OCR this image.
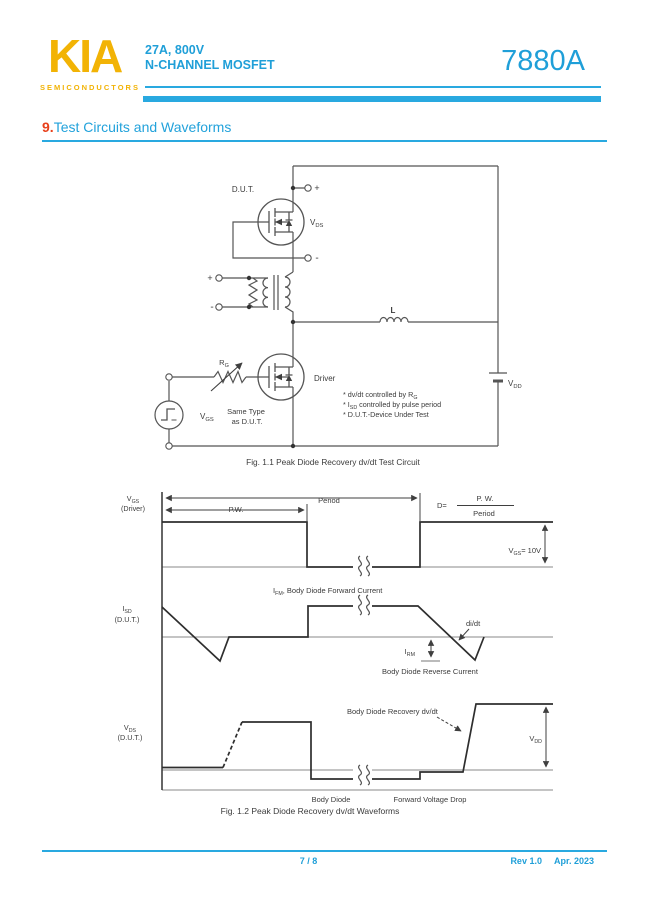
KIA
SEMICONDUCTORS
27A, 800V
N-CHANNEL MOSFET	7880A
9.Test Circuits and Waveforms
D.U.T.	+
-
$V_{DS}$
+
-	L
$R_G$
Driver
Same Type
as D.U.T.
$V_{GS}$
$V_{DD}$
* dv/dt controlled by $R_G$
* $I_{SD}$ controlled by pulse period
* D.U.T.-Device Under Test
Fig. 1.1 Peak Diode Recovery dv/dt Test Circuit
$V_{GS}$
(Driver)	P.W.
Period
D=
P. W.
Period
$V_{GS}= 10V$
$I_{SD}$
(D.U.T.)
$I_{FM}$, Body Diode Forward Current
di/dt
$I_{RM}$
Body Diode Reverse Current
$V_{DS}$
(D.U.T.)
Body Diode Recovery dv/dt
$V_{DD}$
Body Diode	Forward Voltage Drop
Fig. 1.2 Peak Diode Recovery dv/dt Waveforms
7 / 8	Rev 1.0 Apr. 2023
